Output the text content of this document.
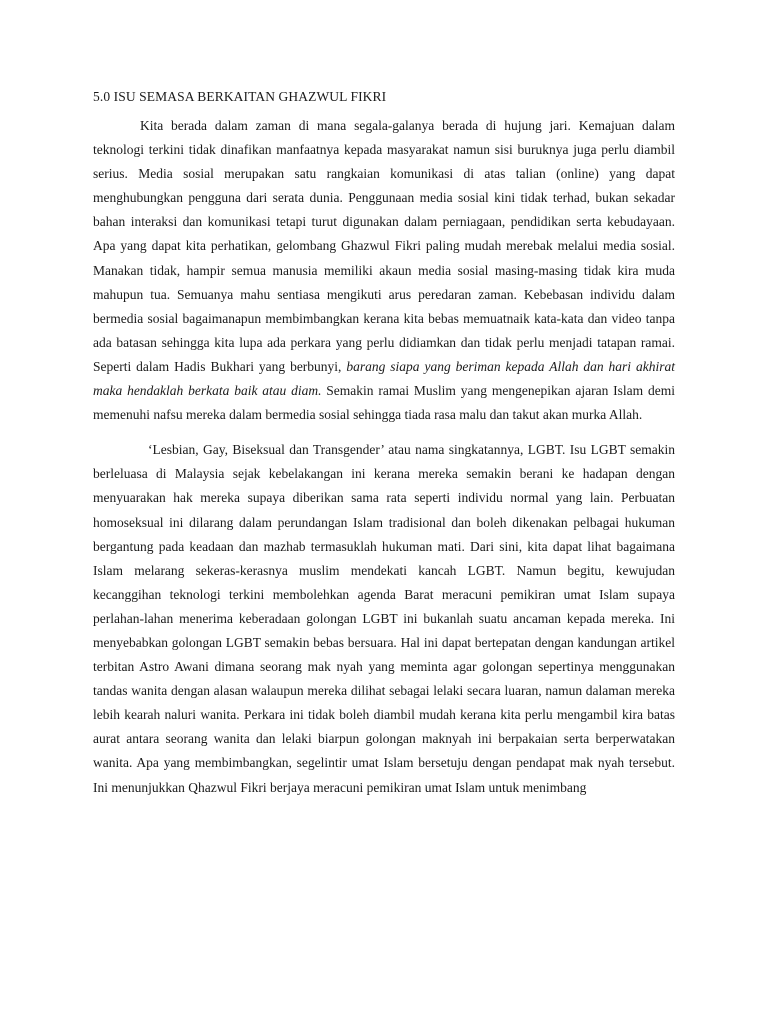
5.0 ISU SEMASA BERKAITAN GHAZWUL FIKRI

Kita berada dalam zaman di mana segala-galanya berada di hujung jari. Kemajuan dalam teknologi terkini tidak dinafikan manfaatnya kepada masyarakat namun sisi buruknya juga perlu diambil serius. Media sosial merupakan satu rangkaian komunikasi di atas talian (online) yang dapat menghubungkan pengguna dari serata dunia. Penggunaan media sosial kini tidak terhad, bukan sekadar bahan interaksi dan komunikasi tetapi turut digunakan dalam perniagaan, pendidikan serta kebudayaan. Apa yang dapat kita perhatikan, gelombang Ghazwul Fikri paling mudah merebak melalui media sosial. Manakan tidak, hampir semua manusia memiliki akaun media sosial masing-masing tidak kira muda mahupun tua. Semuanya mahu sentiasa mengikuti arus peredaran zaman. Kebebasan individu dalam bermedia sosial bagaimanapun membimbangkan kerana kita bebas memuatnaik kata-kata dan video tanpa ada batasan sehingga kita lupa ada perkara yang perlu didiamkan dan tidak perlu menjadi tatapan ramai. Seperti dalam Hadis Bukhari yang berbunyi, barang siapa yang beriman kepada Allah dan hari akhirat maka hendaklah berkata baik atau diam. Semakin ramai Muslim yang mengenepikan ajaran Islam demi memenuhi nafsu mereka dalam bermedia sosial sehingga tiada rasa malu dan takut akan murka Allah.

‘Lesbian, Gay, Biseksual dan Transgender’ atau nama singkatannya, LGBT. Isu LGBT semakin berleluasa di Malaysia sejak kebelakangan ini kerana mereka semakin berani ke hadapan dengan menyuarakan hak mereka supaya diberikan sama rata seperti individu normal yang lain. Perbuatan homoseksual ini dilarang dalam perundangan Islam tradisional dan boleh dikenakan pelbagai hukuman bergantung pada keadaan dan mazhab termasuklah hukuman mati. Dari sini, kita dapat lihat bagaimana Islam melarang sekeras-kerasnya muslim mendekati kancah LGBT. Namun begitu, kewujudan kecanggihan teknologi terkini membolehkan agenda Barat meracuni pemikiran umat Islam supaya perlahan-lahan menerima keberadaan golongan LGBT ini bukanlah suatu ancaman kepada mereka. Ini menyebabkan golongan LGBT semakin bebas bersuara. Hal ini dapat bertepatan dengan kandungan artikel terbitan Astro Awani dimana seorang mak nyah yang meminta agar golongan sepertinya menggunakan tandas wanita dengan alasan walaupun mereka dilihat sebagai lelaki secara luaran, namun dalaman mereka lebih kearah naluri wanita. Perkara ini tidak boleh diambil mudah kerana kita perlu mengambil kira batas aurat antara seorang wanita dan lelaki biarpun golongan maknyah ini berpakaian serta berperwatakan wanita. Apa yang membimbangkan, segelintir umat Islam bersetuju dengan pendapat mak nyah tersebut. Ini menunjukkan Qhazwul Fikri berjaya meracuni pemikiran umat Islam untuk menimbang
